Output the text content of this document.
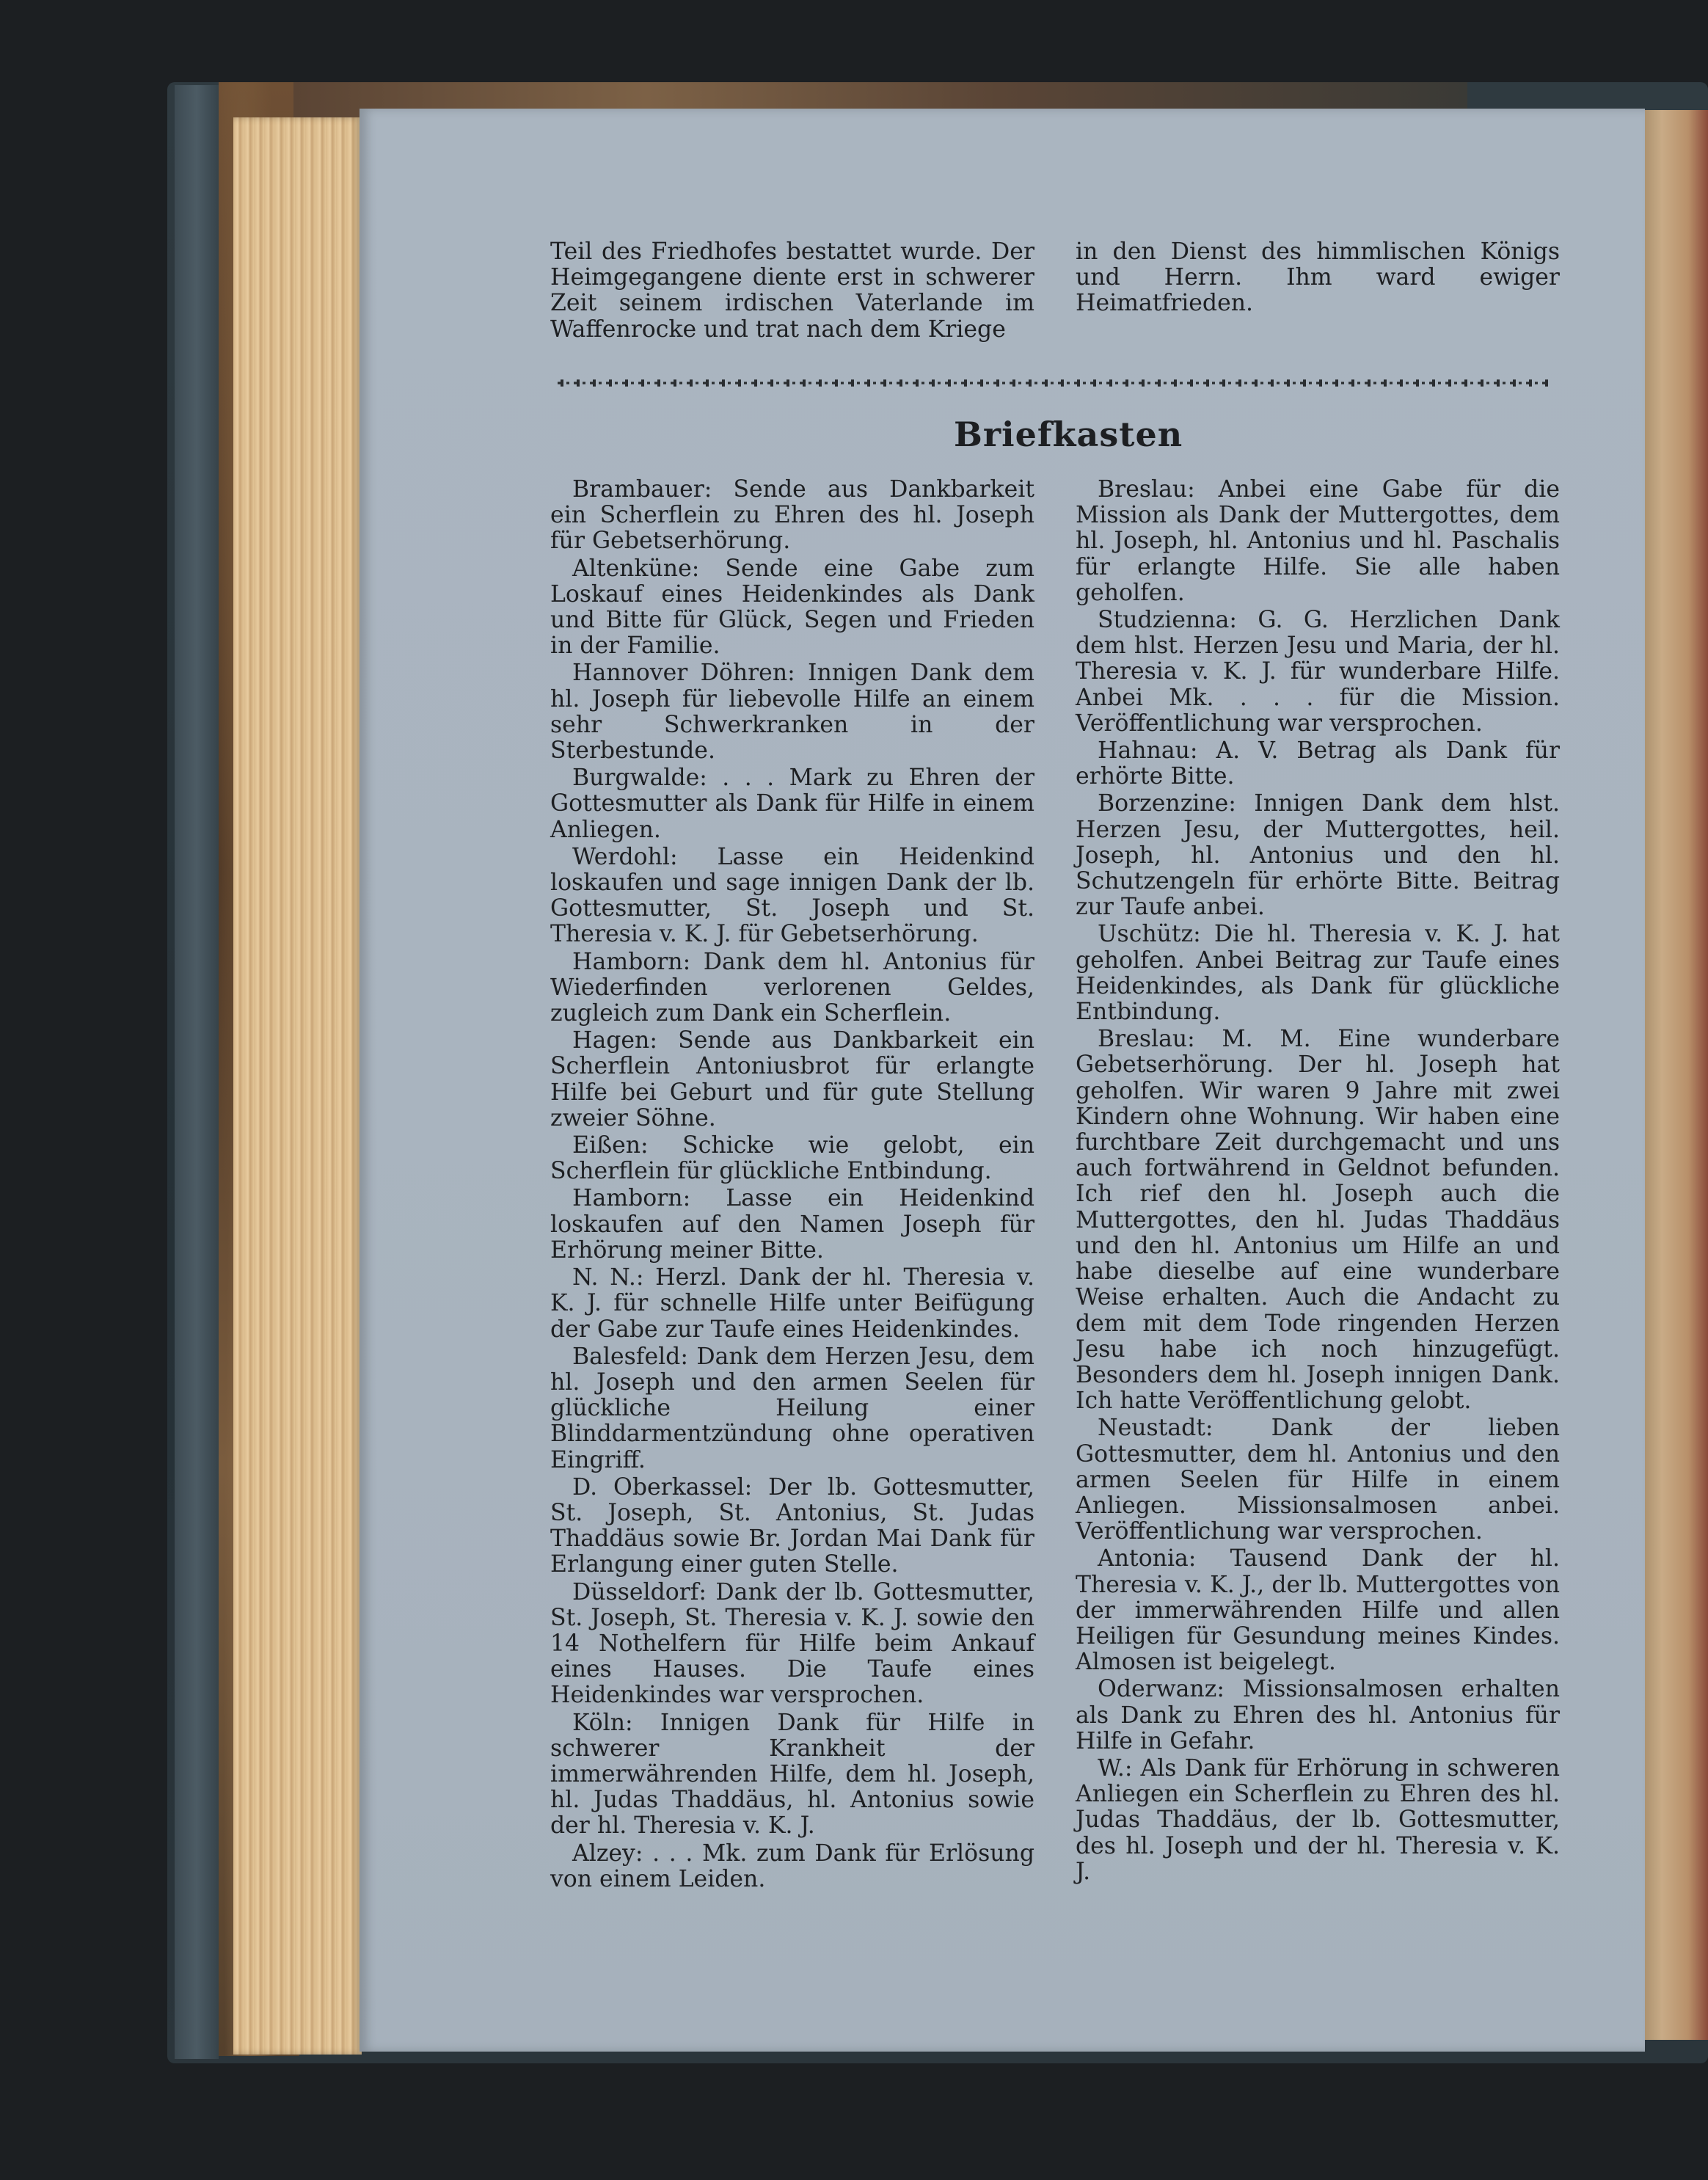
Teil des Friedhofes bestattet wurde. Der Heimgegangene diente erst in schwerer Zeit seinem irdischen Vaterlande im Waffenrocke und trat nach dem Kriege
in den Dienst des himmlischen Königs und Herrn. Ihm ward ewiger Heimatfrieden.
Briefkasten

Brambauer: Sende aus Dankbarkeit ein Scherflein zu Ehren des hl. Joseph für Gebetserhörung.

Altenküne: Sende eine Gabe zum Loskauf eines Heidenkindes als Dank und Bitte für Glück, Segen und Frieden in der Familie.

Hannover Döhren: Innigen Dank dem hl. Joseph für liebevolle Hilfe an einem sehr Schwerkranken in der Sterbestunde.

Burgwalde: . . . Mark zu Ehren der Gottesmutter als Dank für Hilfe in einem Anliegen.

Werdohl: Lasse ein Heidenkind loskaufen und sage innigen Dank der lb. Gottesmutter, St. Joseph und St. Theresia v. K. J. für Gebetserhörung.

Hamborn: Dank dem hl. Antonius für Wiederfinden verlorenen Geldes, zugleich zum Dank ein Scherflein.

Hagen: Sende aus Dankbarkeit ein Scherflein Antoniusbrot für erlangte Hilfe bei Geburt und für gute Stellung zweier Söhne.

Eißen: Schicke wie gelobt, ein Scherflein für glückliche Entbindung.

Hamborn: Lasse ein Heidenkind loskaufen auf den Namen Joseph für Erhörung meiner Bitte.

N. N.: Herzl. Dank der hl. Theresia v. K. J. für schnelle Hilfe unter Beifügung der Gabe zur Taufe eines Heidenkindes.

Balesfeld: Dank dem Herzen Jesu, dem hl. Joseph und den armen Seelen für glückliche Heilung einer Blinddarmentzündung ohne operativen Eingriff.

D. Oberkassel: Der lb. Gottesmutter, St. Joseph, St. Antonius, St. Judas Thaddäus sowie Br. Jordan Mai Dank für Erlangung einer guten Stelle.

Düsseldorf: Dank der lb. Gottesmutter, St. Joseph, St. Theresia v. K. J. sowie den 14 Nothelfern für Hilfe beim Ankauf eines Hauses. Die Taufe eines Heidenkindes war versprochen.

Köln: Innigen Dank für Hilfe in schwerer Krankheit der immerwährenden Hilfe, dem hl. Joseph, hl. Judas Thaddäus, hl. Antonius sowie der hl. Theresia v. K. J.

Alzey: . . . Mk. zum Dank für Erlösung von einem Leiden.

Breslau: Anbei eine Gabe für die Mission als Dank der Muttergottes, dem hl. Joseph, hl. Antonius und hl. Paschalis für erlangte Hilfe. Sie alle haben geholfen.

Studzienna: G. G. Herzlichen Dank dem hlst. Herzen Jesu und Maria, der hl. Theresia v. K. J. für wunderbare Hilfe. Anbei Mk. . . . für die Mission. Veröffentlichung war versprochen.

Hahnau: A. V. Betrag als Dank für erhörte Bitte.

Borzenzine: Innigen Dank dem hlst. Herzen Jesu, der Muttergottes, heil. Joseph, hl. Antonius und den hl. Schutzengeln für erhörte Bitte. Beitrag zur Taufe anbei.

Uschütz: Die hl. Theresia v. K. J. hat geholfen. Anbei Beitrag zur Taufe eines Heidenkindes, als Dank für glückliche Entbindung.

Breslau: M. M. Eine wunderbare Gebetserhörung. Der hl. Joseph hat geholfen. Wir waren 9 Jahre mit zwei Kindern ohne Wohnung. Wir haben eine furchtbare Zeit durchgemacht und uns auch fortwährend in Geldnot befunden. Ich rief den hl. Joseph auch die Muttergottes, den hl. Judas Thaddäus und den hl. Antonius um Hilfe an und habe dieselbe auf eine wunderbare Weise erhalten. Auch die Andacht zu dem mit dem Tode ringenden Herzen Jesu habe ich noch hinzugefügt. Besonders dem hl. Joseph innigen Dank. Ich hatte Veröffentlichung gelobt.

Neustadt: Dank der lieben Gottesmutter, dem hl. Antonius und den armen Seelen für Hilfe in einem Anliegen. Missionsalmosen anbei. Veröffentlichung war versprochen.

Antonia: Tausend Dank der hl. Theresia v. K. J., der lb. Muttergottes von der immerwährenden Hilfe und allen Heiligen für Gesundung meines Kindes. Almosen ist beigelegt.

Oderwanz: Missionsalmosen erhalten als Dank zu Ehren des hl. Antonius für Hilfe in Gefahr.

W.: Als Dank für Erhörung in schweren Anliegen ein Scherflein zu Ehren des hl. Judas Thaddäus, der lb. Gottesmutter, des hl. Joseph und der hl. Theresia v. K. J.
